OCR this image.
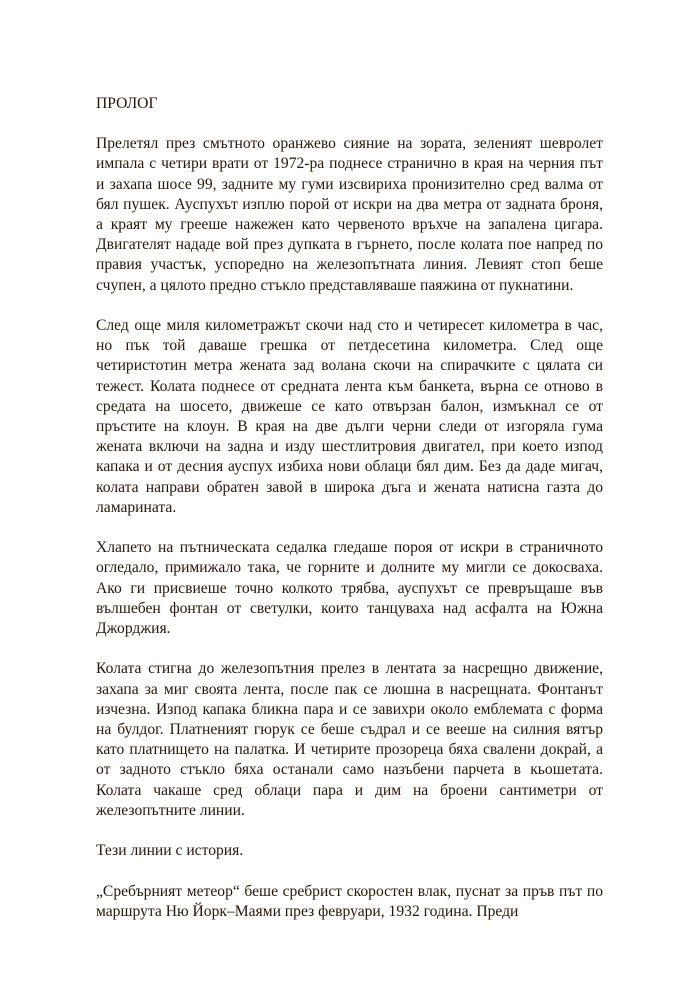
ПРОЛОГ

Прелетял през смътното оранжево сияние на зората, зеленият шевролет импала с четири врати от 1972-ра поднесе странично в края на черния път и захапа шосе 99, задните му гуми изсвириха пронизително сред валма от бял пушек. Ауспухът изплю порой от искри на два метра от задната броня, а краят му грееше нажежен като червеното връхче на запалена цигара. Двигателят нададе вой през дупката в гърнето, после колата пое напред по правия участък, успоредно на железопътната линия. Левият стоп беше счупен, а цялото предно стъкло представляваше паяжина от пукнатини.

След още миля километражът скочи над сто и четиресет километра в час, но пък той даваше грешка от петдесетина километра. След още четиристотин метра жената зад волана скочи на спирачките с цялата си тежест. Колата поднесе от средната лента към банкета, върна се отново в средата на шосето, движеше се като отвързан балон, измъкнал се от пръстите на клоун. В края на две дълги черни следи от изгоряла гума жената включи на задна и изду шестлитровия двигател, при което изпод капака и от десния ауспух избиха нови облаци бял дим. Без да даде мигач, колата направи обратен завой в широка дъга и жената натисна газта до ламарината.

Хлапето на пътническата седалка гледаше пороя от искри в страничното огледало, примижало така, че горните и долните му мигли се докосваха. Ако ги присвиеше точно колкото трябва, ауспухът се превръщаше във вълшебен фонтан от светулки, които танцуваха над асфалта на Южна Джорджия.

Колата стигна до железопътния прелез в лентата за насрещно движение, захапа за миг своята лента, после пак се люшна в насрещната. Фонтанът изчезна. Изпод капака бликна пара и се завихри около емблемата с форма на булдог. Платненият гюрук се беше съдрал и се вееше на силния вятър като платнището на палатка. И четирите прозореца бяха свалени докрай, а от задното стъкло бяха останали само назъбени парчета в кьошетата. Колата чакаше сред облаци пара и дим на броени сантиметри от железопътните линии.

Тези линии с история.

„Сребърният метеор“ беше сребрист скоростен влак, пуснат за пръв път по маршрута Ню Йорк–Маями през февруари, 1932 година. Преди
